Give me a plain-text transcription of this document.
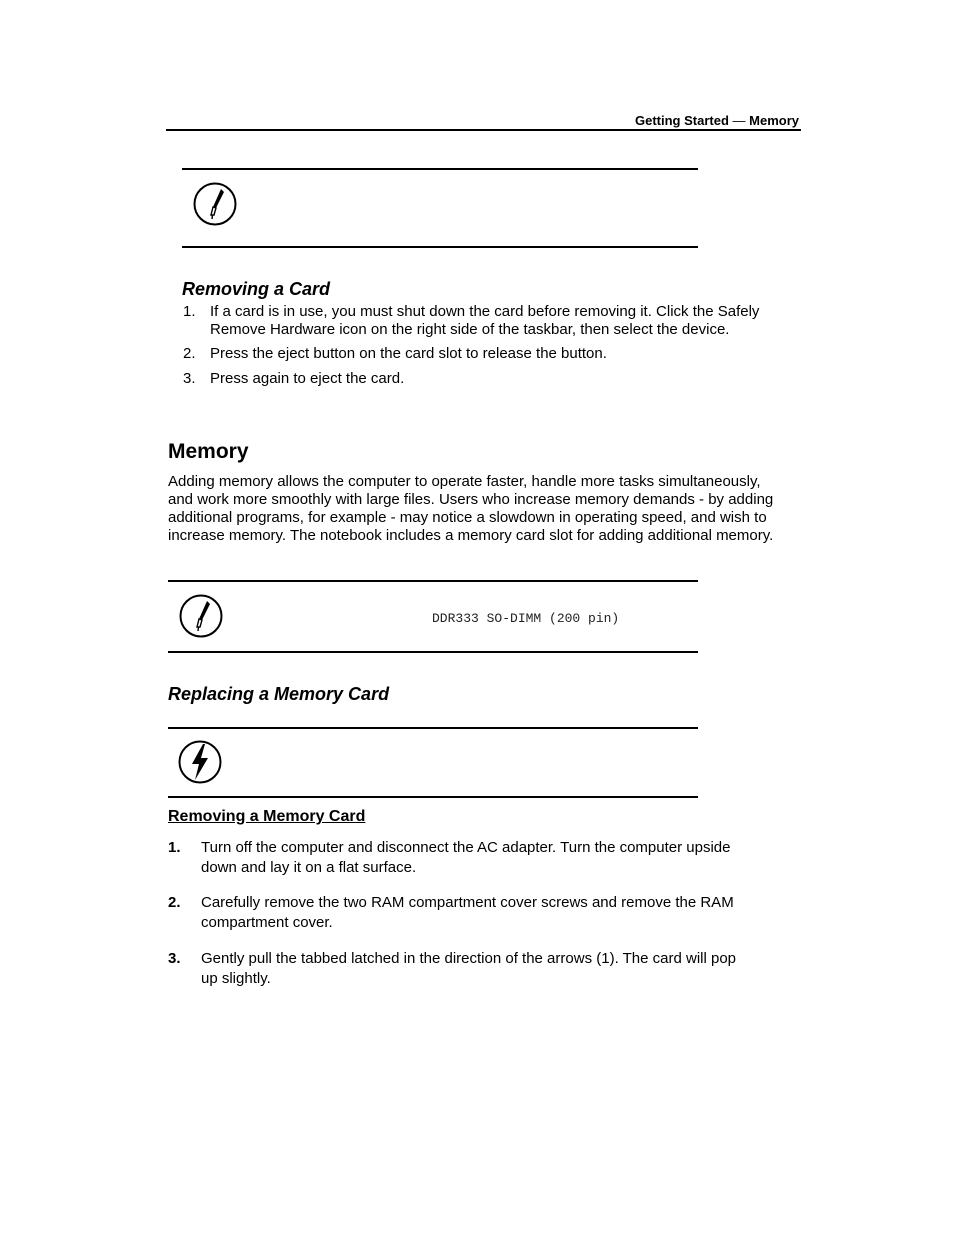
Getting Started — Memory
Removing a Card
1. If a card is in use, you must shut down the card before removing it. Click the Safely Remove Hardware icon on the right side of the taskbar, then select the device.
2. Press the eject button on the card slot to release the button.
3. Press again to eject the card.
Memory
Adding memory allows the computer to operate faster, handle more tasks simultaneously, and work more smoothly with large files. Users who increase memory demands - by adding additional programs, for example - may notice a slowdown in operating speed, and wish to increase memory. The notebook includes a memory card slot for adding additional memory.
DDR333 SO-DIMM (200 pin)
Replacing a Memory Card
Removing a Memory Card
1. Turn off the computer and disconnect the AC adapter. Turn the computer upside down and lay it on a flat surface.
2. Carefully remove the two RAM compartment cover screws and remove the RAM compartment cover.
3. Gently pull the tabbed latched in the direction of the arrows (1). The card will pop up slightly.
